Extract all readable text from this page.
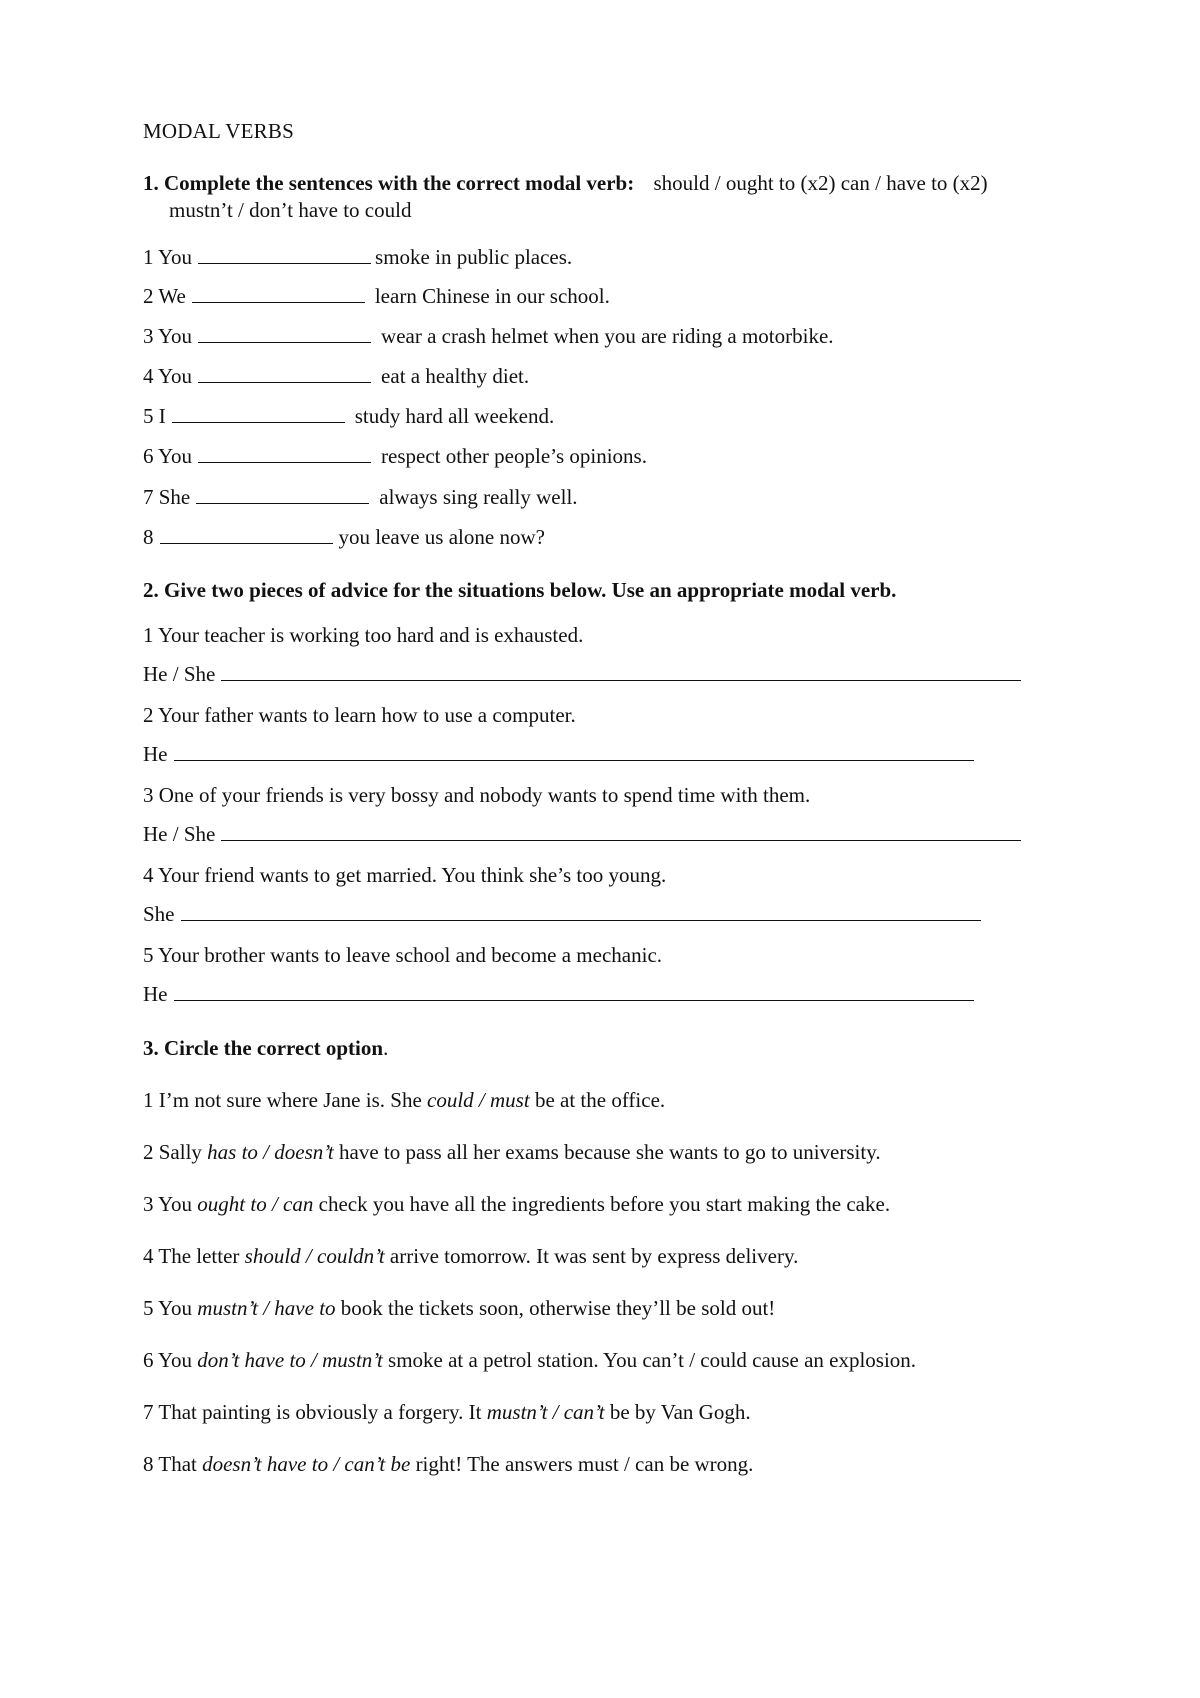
MODAL VERBS
1. Complete the sentences with the correct modal verb: should / ought to (x2) can / have to (x2)
mustn’t / don’t have to could
1 You	smoke in public places.
2 We	learn Chinese in our school.
3 You	wear a crash helmet when you are riding a motorbike.
4 You	eat a healthy diet.
5 I	study hard all weekend.
6 You	respect other people’s opinions.
7 She	always sing really well.
8	you leave us alone now?
2. Give two pieces of advice for the situations below. Use an appropriate modal verb.
1 Your teacher is working too hard and is exhausted.
He / She
2 Your father wants to learn how to use a computer.
He
3 One of your friends is very bossy and nobody wants to spend time with them.
He / She
4 Your friend wants to get married. You think she’s too young.
She
5 Your brother wants to leave school and become a mechanic.
He
3. Circle the correct option.
1 I’m not sure where Jane is. She could / must be at the office.
2 Sally has to / doesn’t have to pass all her exams because she wants to go to university.
3 You ought to / can check you have all the ingredients before you start making the cake.
4 The letter should / couldn’t arrive tomorrow. It was sent by express delivery.
5 You mustn’t / have to book the tickets soon, otherwise they’ll be sold out!
6 You don’t have to / mustn’t smoke at a petrol station. You can’t / could cause an explosion.
7 That painting is obviously a forgery. It mustn’t / can’t be by Van Gogh.
8 That doesn’t have to / can’t be right! The answers must / can be wrong.
